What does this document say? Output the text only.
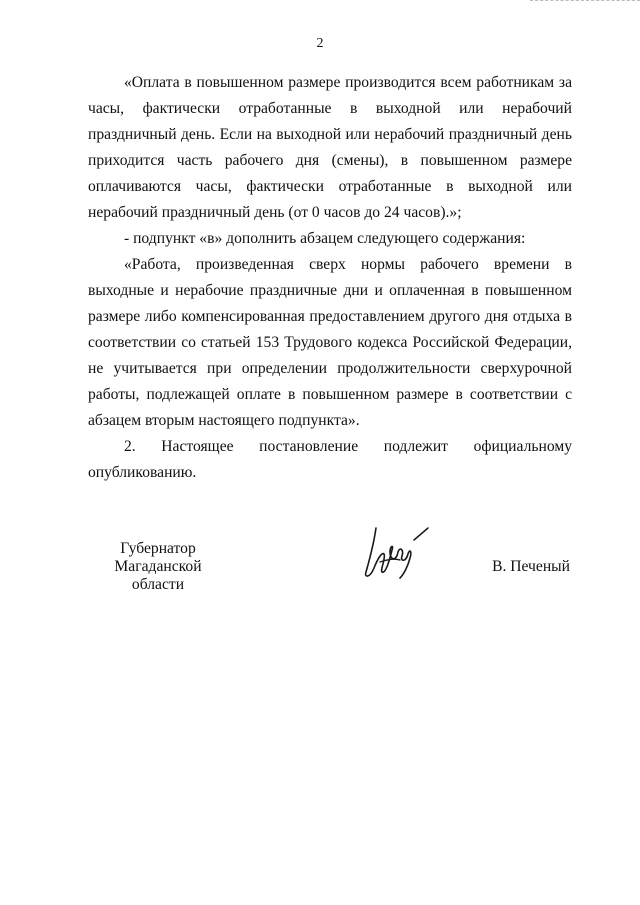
2

«Оплата в повышенном размере производится всем работникам за часы, фактически отработанные в выходной или нерабочий праздничный день. Если на выходной или нерабочий праздничный день приходится часть рабочего дня (смены), в повышенном размере оплачиваются часы, фактически отработанные в выходной или нерабочий праздничный день (от 0 часов до 24 часов).»;

- подпункт «в» дополнить абзацем следующего содержания:

«Работа, произведенная сверх нормы рабочего времени в выходные и нерабочие праздничные дни и оплаченная в повышенном размере либо компенсированная предоставлением другого дня отдыха в соответствии со статьей 153 Трудового кодекса Российской Федерации, не учитывается при определении продолжительности сверхурочной работы, подлежащей оплате в повышенном размере в соответствии с абзацем вторым настоящего подпункта».

2. Настоящее постановление подлежит официальному опубликованию.

Губернатор
Магаданской области
В. Печеный
